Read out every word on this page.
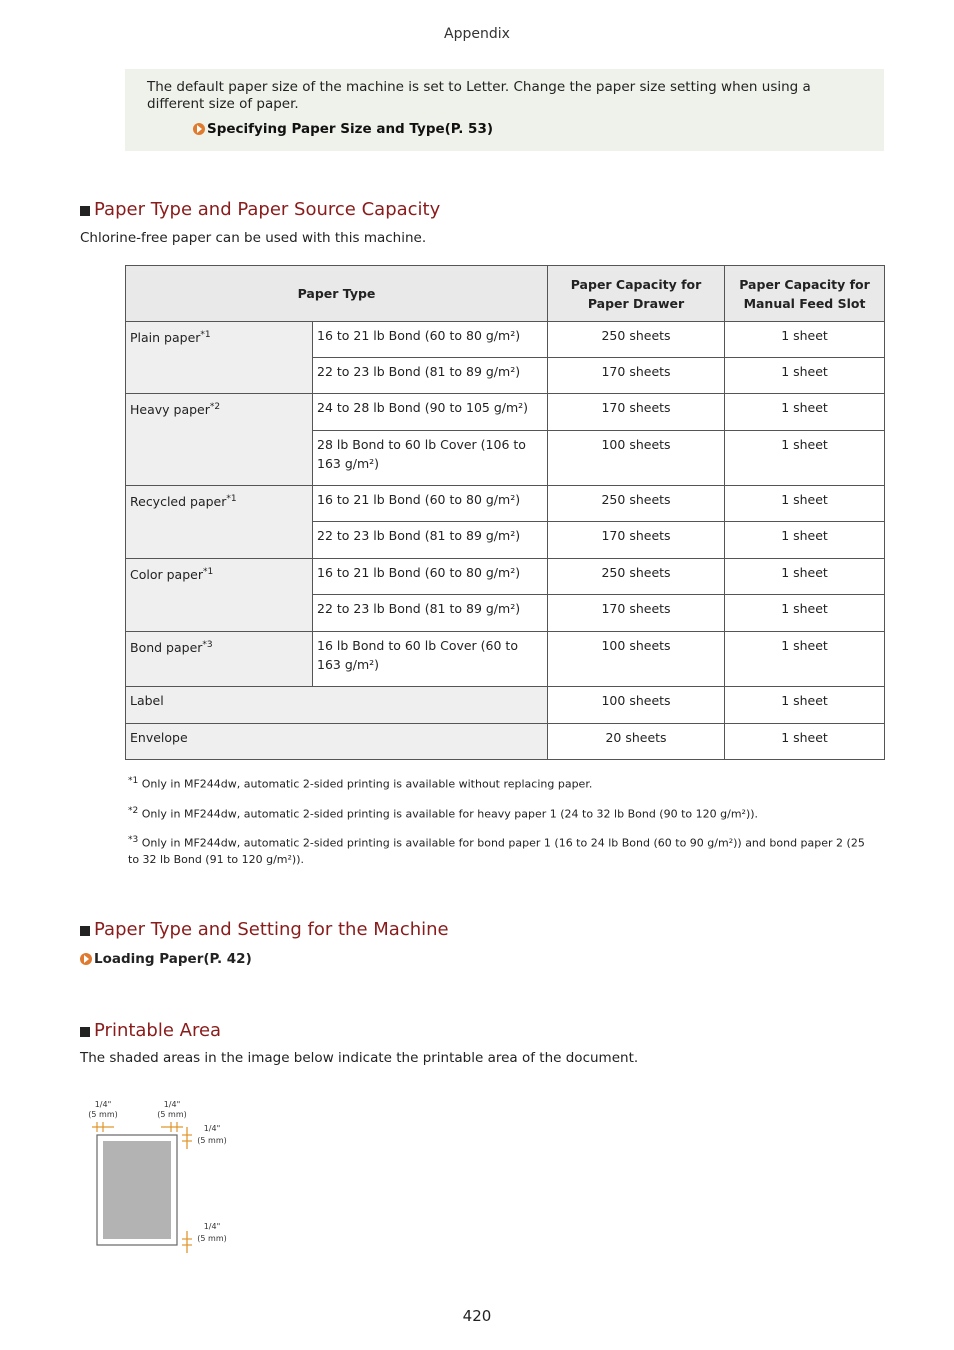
Appendix
The default paper size of the machine is set to Letter. Change the paper size setting when using a different size of paper.
Specifying Paper Size and Type(P. 53)
Paper Type and Paper Source Capacity
Chlorine-free paper can be used with this machine.
Paper Type		Paper Capacity for Paper Drawer	Paper Capacity for Manual Feed Slot
Plain paper$^{*1}$	16 to 21 lb Bond (60 to 80 g/m²)	250 sheets	1 sheet
	22 to 23 lb Bond (81 to 89 g/m²)	170 sheets	1 sheet
Heavy paper$^{*2}$	24 to 28 lb Bond (90 to 105 g/m²)	170 sheets	1 sheet
	28 lb Bond to 60 lb Cover (106 to 163 g/m²)	100 sheets	1 sheet
Recycled paper$^{*1}$	16 to 21 lb Bond (60 to 80 g/m²)	250 sheets	1 sheet
	22 to 23 lb Bond (81 to 89 g/m²)	170 sheets	1 sheet
Color paper$^{*1}$	16 to 21 lb Bond (60 to 80 g/m²)	250 sheets	1 sheet
	22 to 23 lb Bond (81 to 89 g/m²)	170 sheets	1 sheet
Bond paper$^{*3}$	16 lb Bond to 60 lb Cover (60 to 163 g/m²)	100 sheets	1 sheet
Label		100 sheets	1 sheet
Envelope		20 sheets	1 sheet

$^{*1}$ Only in MF244dw, automatic 2-sided printing is available without replacing paper.

$^{*2}$ Only in MF244dw, automatic 2-sided printing is available for heavy paper 1 (24 to 32 lb Bond (90 to 120 g/m²)).

$^{*3}$ Only in MF244dw, automatic 2-sided printing is available for bond paper 1 (16 to 24 lb Bond (60 to 90 g/m²)) and bond paper 2 (25 to 32 lb Bond (91 to 120 g/m²)).

Paper Type and Setting for the Machine
Loading Paper(P. 42)
Printable Area
The shaded areas in the image below indicate the printable area of the document.
1/4"
(5 mm)
1/4"
(5 mm)
1/4"
(5 mm)
1/4"
(5 mm)
420
